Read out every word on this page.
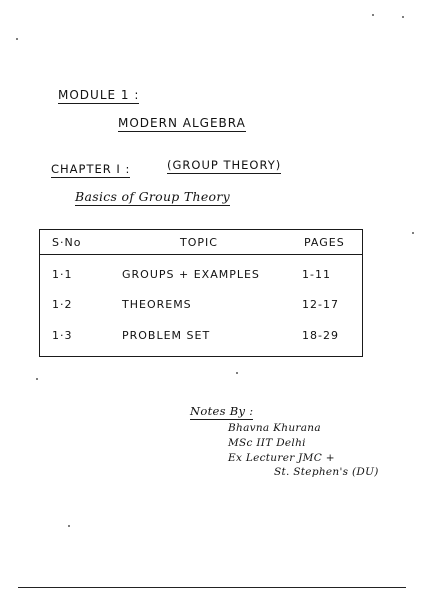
MODULE 1 :
MODERN ALGEBRA
CHAPTER I :	(GROUP THEORY)
Basics of Group Theory
S·No	TOPIC	PAGES
1·1	GROUPS + EXAMPLES	1-11
1·2	THEOREMS	12-17
1·3	PROBLEM SET	18-29
Notes By :
Bhavna Khurana
MSc IIT Delhi
Ex Lecturer JMC +
St. Stephen's (DU)
